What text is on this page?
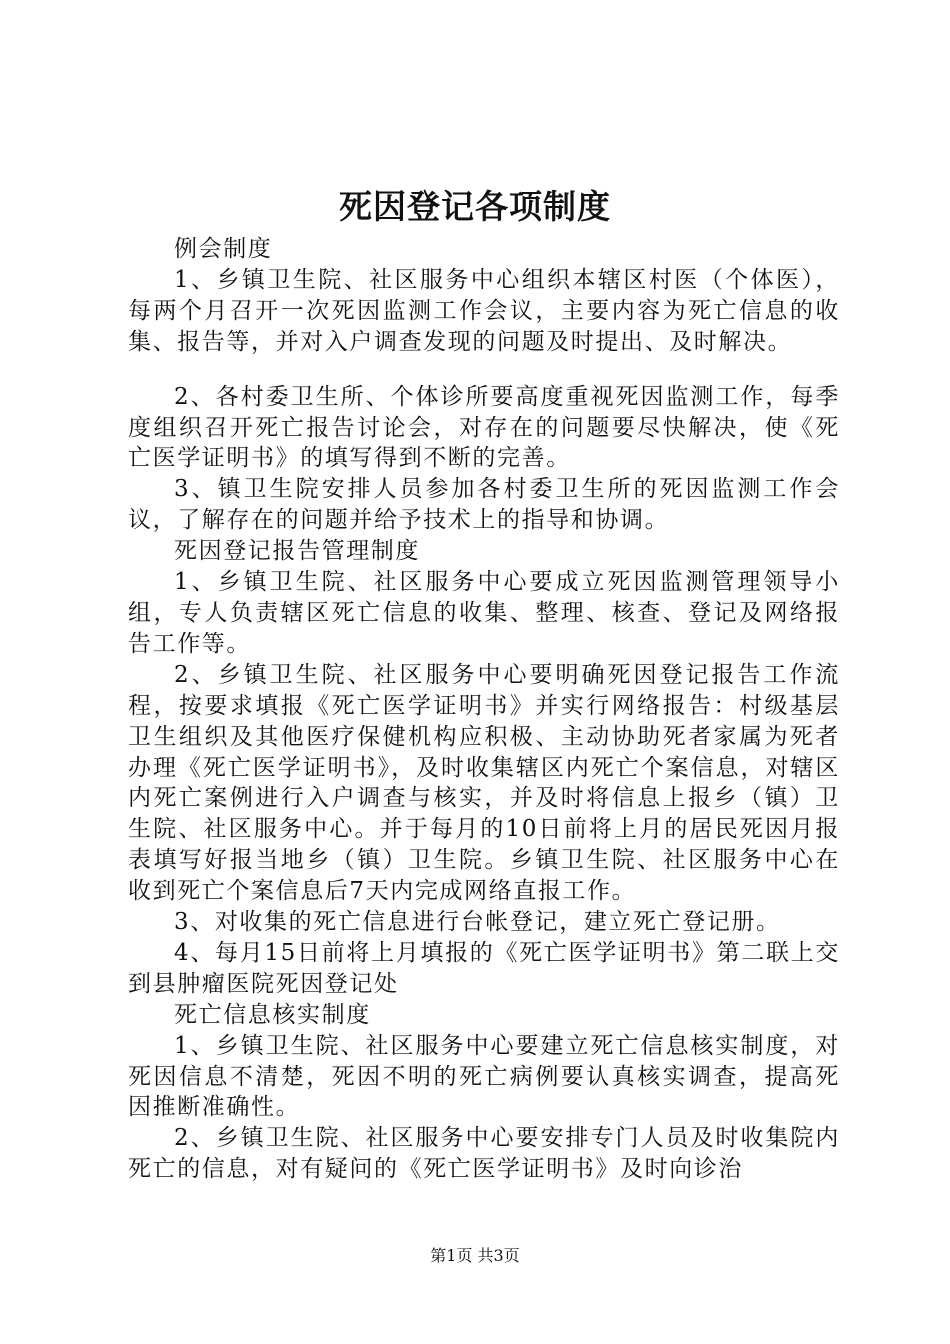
死因登记各项制度

例会制度

1、乡镇卫生院、社区服务中心组织本辖区村医（个体医），每两个月召开一次死因监测工作会议，主要内容为死亡信息的收集、报告等，并对入户调查发现的问题及时提出、及时解决。

2、各村委卫生所、个体诊所要高度重视死因监测工作，每季度组织召开死亡报告讨论会，对存在的问题要尽快解决，使《死亡医学证明书》的填写得到不断的完善。

3、镇卫生院安排人员参加各村委卫生所的死因监测工作会议，了解存在的问题并给予技术上的指导和协调。

死因登记报告管理制度

1、乡镇卫生院、社区服务中心要成立死因监测管理领导小组，专人负责辖区死亡信息的收集、整理、核查、登记及网络报告工作等。

2、乡镇卫生院、社区服务中心要明确死因登记报告工作流程，按要求填报《死亡医学证明书》并实行网络报告：村级基层卫生组织及其他医疗保健机构应积极、主动协助死者家属为死者办理《死亡医学证明书》，及时收集辖区内死亡个案信息，对辖区内死亡案例进行入户调查与核实，并及时将信息上报乡（镇）卫生院、社区服务中心。并于每月的10日前将上月的居民死因月报表填写好报当地乡（镇）卫生院。乡镇卫生院、社区服务中心在收到死亡个案信息后7天内完成网络直报工作。

3、对收集的死亡信息进行台帐登记，建立死亡登记册。

4、每月15日前将上月填报的《死亡医学证明书》第二联上交到县肿瘤医院死因登记处

死亡信息核实制度

1、乡镇卫生院、社区服务中心要建立死亡信息核实制度，对死因信息不清楚，死因不明的死亡病例要认真核实调查，提高死因推断准确性。

2、乡镇卫生院、社区服务中心要安排专门人员及时收集院内死亡的信息，对有疑问的《死亡医学证明书》及时向诊治

第1页 共3页
